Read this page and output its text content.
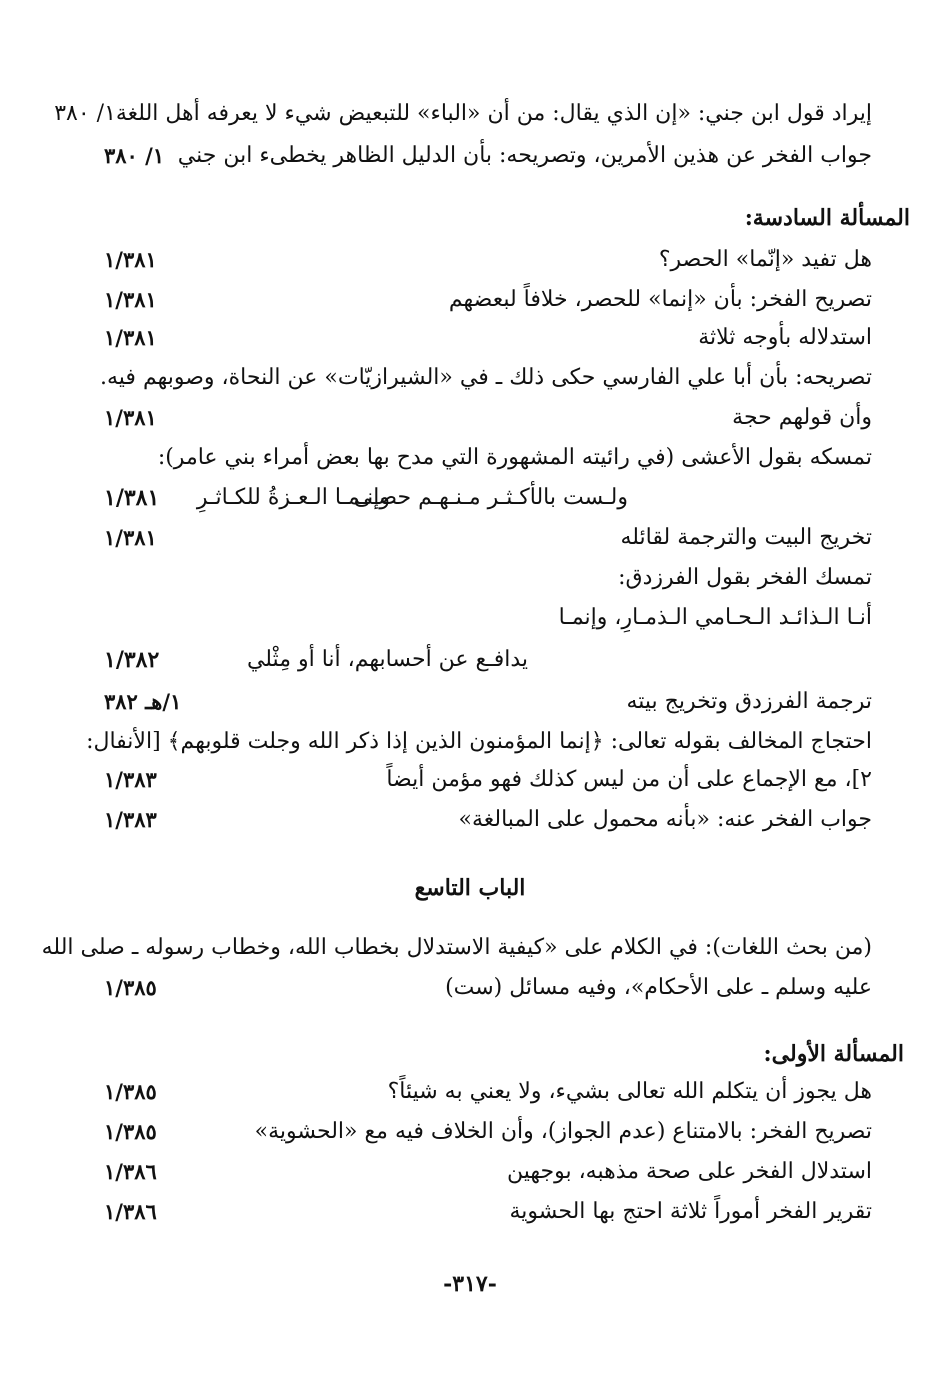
إيراد قول ابن جني: «إن الذي يقال: من أن «الباء» للتبعيض شيء لا يعرفه أهل اللغة١/ ٣٨٠
جواب الفخر عن هذين الأمرين، وتصريحه: بأن الدليل الظاهر يخطىء ابن جني
١/ ٣٨٠
المسألة السادسة:
هل تفيد «إنّما» الحصر؟
١/٣٨١
تصريح الفخر: بأن «إنما» للحصر، خلافاً لبعضهم
١/٣٨١
استدلاله بأوجه ثلاثة
١/٣٨١
تصريحه: بأن أبا علي الفارسي حكى ذلك ـ في «الشيرازيّات» عن النحاة، وصوبهم فيه.
وأن قولهم حجة
١/٣٨١
تمسكه بقول الأعشى (في رائيته المشهورة التي مدح بها بعض أمراء بني عامر):
ولـست بالأكـثـر مـنـهـم حصـى
وإنـمـا الـعـزةُ للكـاثـرِ
١/٣٨١
تخريج البيت والترجمة لقائله
١/٣٨١
تمسك الفخر بقول الفرزدق:
أنـا الـذائـد الـحـامي الـذمـارِ، وإنمـا
يدافـع عن أحسابهم، أنا أو مِثْلي
١/٣٨٢
ترجمة الفرزدق وتخريج بيته
١/هـ ٣٨٢
احتجاج المخالف بقوله تعالى: ﴿إنما المؤمنون الذين إذا ذكر الله وجلت قلوبهم﴾ [الأنفال:
٢]، مع الإجماع على أن من ليس كذلك فهو مؤمن أيضاً
١/٣٨٣
جواب الفخر عنه: «بأنه محمول على المبالغة»
١/٣٨٣
الباب التاسع
(من بحث اللغات): في الكلام على «كيفية الاستدلال بخطاب الله، وخطاب رسوله ـ صلى الله
عليه وسلم ـ على الأحكام»، وفيه مسائل (ست)
١/٣٨٥
المسألة الأولى:
هل يجوز أن يتكلم الله تعالى بشيء، ولا يعني به شيئاً؟
١/٣٨٥
تصريح الفخر: بالامتناع (عدم الجواز)، وأن الخلاف فيه مع «الحشوية»
١/٣٨٥
استدلال الفخر على صحة مذهبه، بوجهين
١/٣٨٦
تقرير الفخر أموراً ثلاثة احتج بها الحشوية
١/٣٨٦
-٣١٧-
